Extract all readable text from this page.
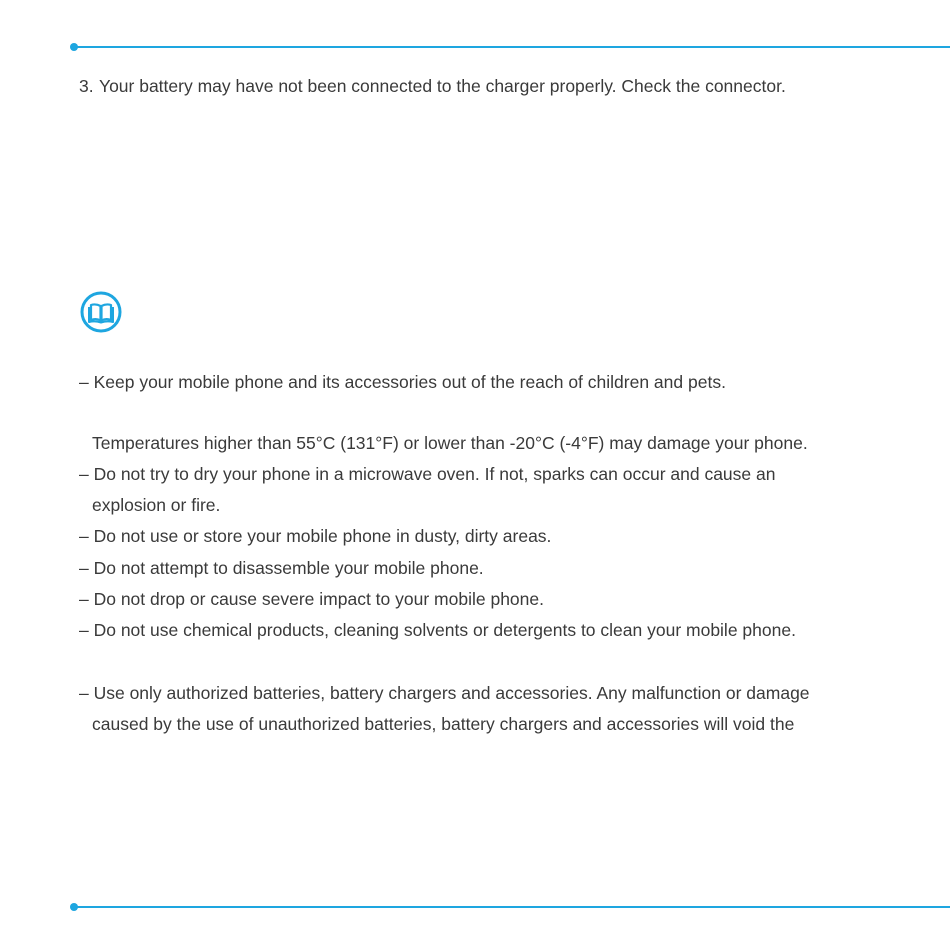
3. Your battery may have not been connected to the charger properly. Check the connector.
– Keep your mobile phone and its accessories out of the reach of children and pets.
Temperatures higher than 55°C (131°F) or lower than -20°C (-4°F) may damage your phone.
– Do not try to dry your phone in a microwave oven. If not, sparks can occur and cause an
explosion or fire.
– Do not use or store your mobile phone in dusty, dirty areas.
– Do not attempt to disassemble your mobile phone.
– Do not drop or cause severe impact to your mobile phone.
– Do not use chemical products, cleaning solvents or detergents to clean your mobile phone.
– Use only authorized batteries, battery chargers and accessories. Any malfunction or damage
caused by the use of unauthorized batteries, battery chargers and accessories will void the
